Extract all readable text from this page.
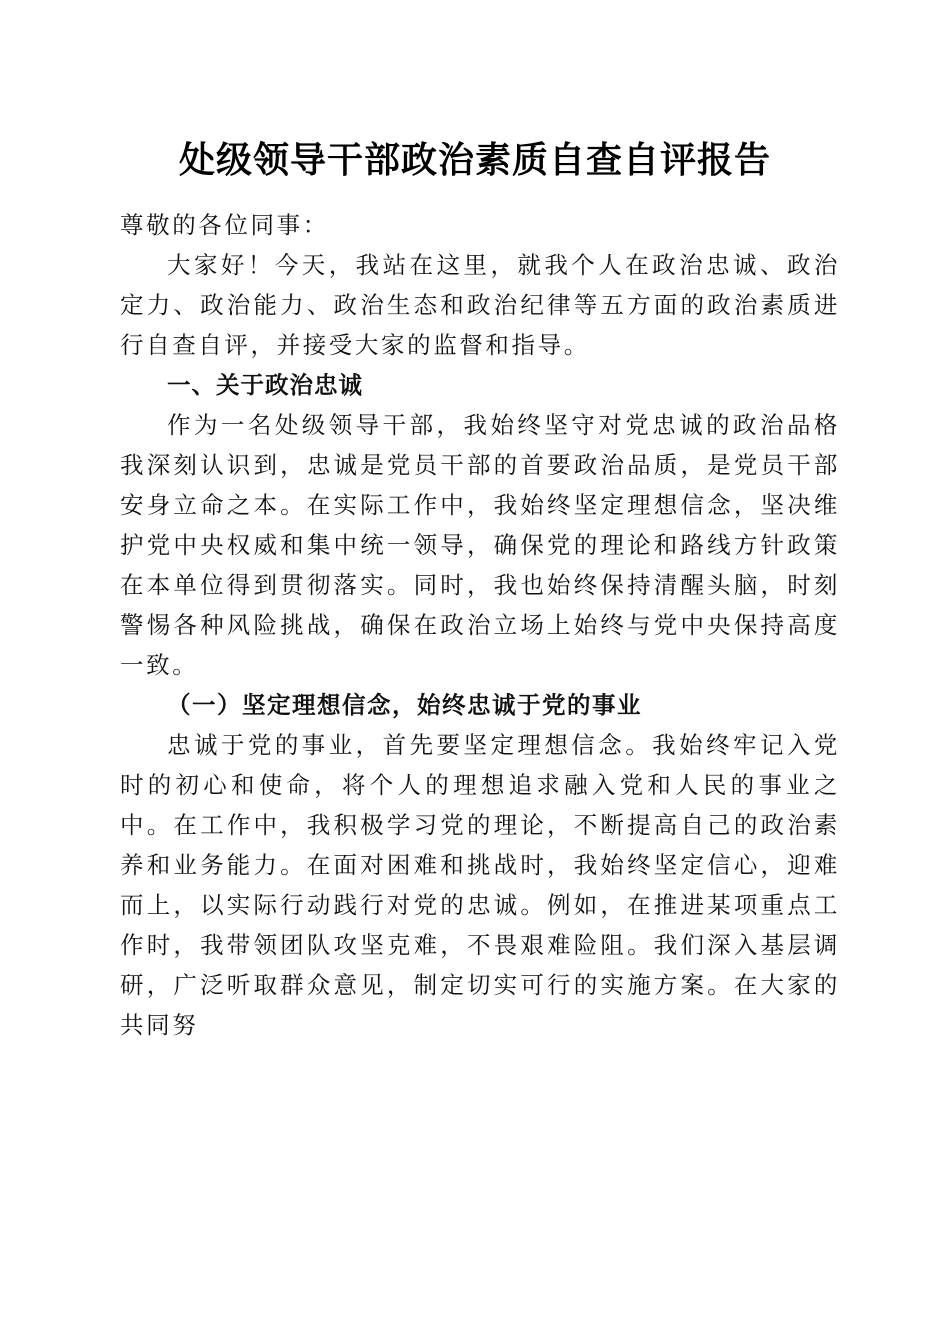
处级领导干部政治素质自查自评报告

尊敬的各位同事：

大家好！今天，我站在这里，就我个人在政治忠诚、政治定力、政治能力、政治生态和政治纪律等五方面的政治素质进行自查自评，并接受大家的监督和指导。

一、关于政治忠诚

作为一名处级领导干部，我始终坚守对党忠诚的政治品格我深刻认识到，忠诚是党员干部的首要政治品质，是党员干部安身立命之本。在实际工作中，我始终坚定理想信念，坚决维护党中央权威和集中统一领导，确保党的理论和路线方针政策在本单位得到贯彻落实。同时，我也始终保持清醒头脑，时刻警惕各种风险挑战，确保在政治立场上始终与党中央保持高度一致。

（一）坚定理想信念，始终忠诚于党的事业

忠诚于党的事业，首先要坚定理想信念。我始终牢记入党时的初心和使命，将个人的理想追求融入党和人民的事业之中。在工作中，我积极学习党的理论，不断提高自己的政治素养和业务能力。在面对困难和挑战时，我始终坚定信心，迎难而上，以实际行动践行对党的忠诚。例如，在推进某项重点工作时，我带领团队攻坚克难，不畏艰难险阻。我们深入基层调研，广泛听取群众意见，制定切实可行的实施方案。在大家的共同努
